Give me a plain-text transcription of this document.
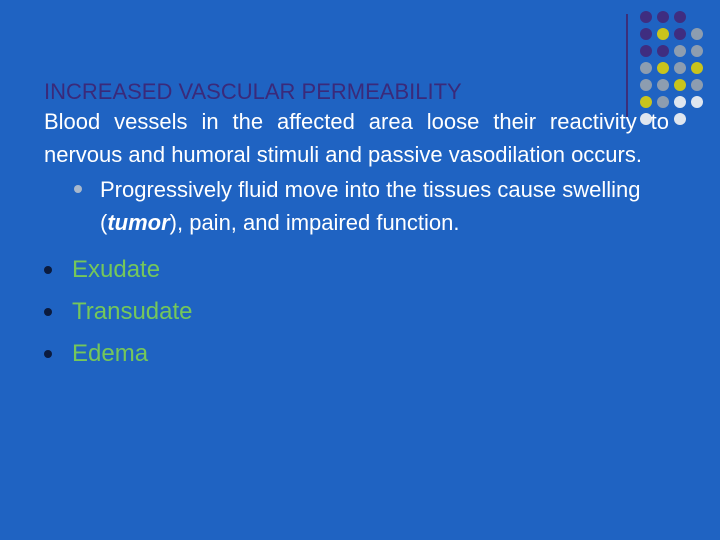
INCREASED VASCULAR PERMEABILITY
Blood vessels in the affected area loose their reactivity to nervous and humoral stimuli and passive vasodilation occurs.
Progressively fluid move into the tissues cause swelling (tumor), pain, and impaired function.
Exudate
Transudate
Edema
